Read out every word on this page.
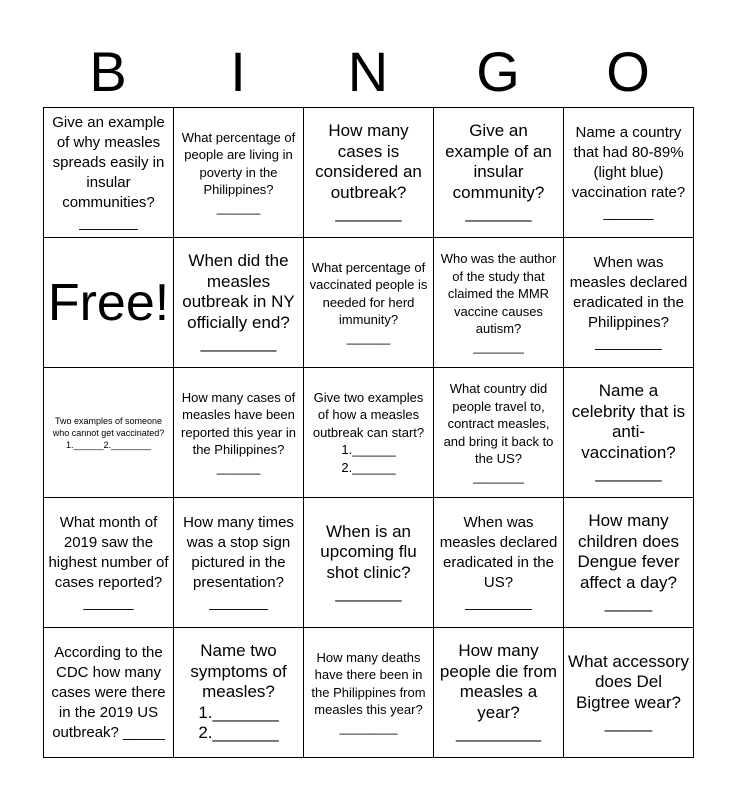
B	I	N	G	O
Give an example of why measles spreads easily in insular communities?
_______
What percentage of people are living in poverty in the Philippines?
______
How many cases is considered an outbreak?
_______
Give an example of an insular community?
_______
Name a country that had 80-89% (light blue) vaccination rate?
______
Free!
When did the measles outbreak in NY officially end?
________
What percentage of vaccinated people is needed for herd immunity?
______
Who was the author of the study that claimed the MMR vaccine causes autism?
_______
When was measles declared eradicated in the Philippines?
________
Two examples of someone who cannot get vaccinated?
1.______2.________
How many cases of measles have been reported this year in the Philippines?
______
Give two examples of how a measles outbreak can start?
1.______
2.______
What country did people travel to, contract measles, and bring it back to the US?
_______
Name a celebrity that is anti-vaccination?
_______
What month of 2019 saw the highest number of cases reported?
______
How many times was a stop sign pictured in the presentation?
_______
When is an upcoming flu shot clinic?
_______
When was measles declared eradicated in the US?
________
How many children does Dengue fever affect a day?
_____
According to the CDC how many cases were there in the 2019 US outbreak? _____
Name two symptoms of measles?
1._______
2._______
How many deaths have there been in the Philippines from measles this year? ________
How many people die from measles a year?
_________
What accessory does Del Bigtree wear?
_____
